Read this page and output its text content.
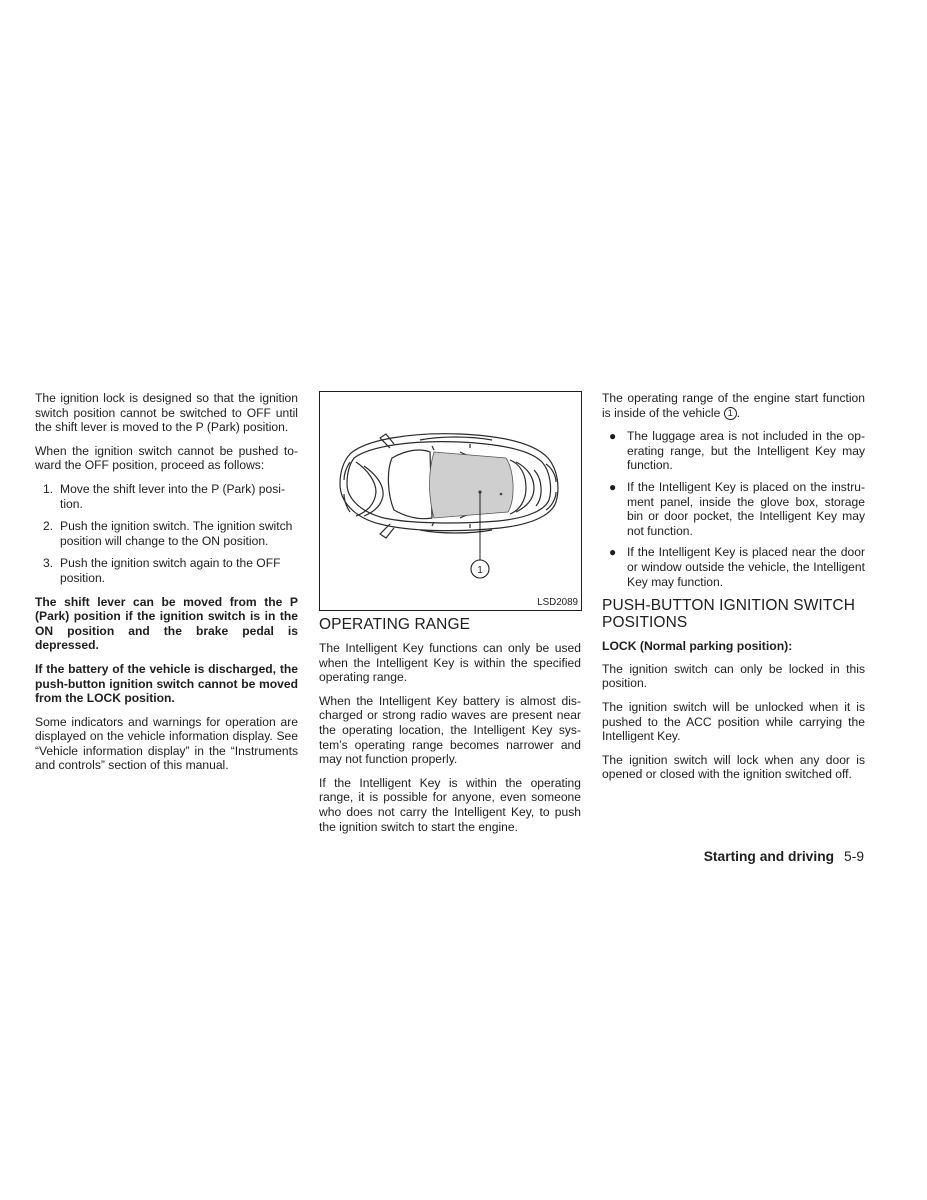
The ignition lock is designed so that the ignition switch position cannot be switched to OFF until the shift lever is moved to the P (Park) position.

When the ignition switch cannot be pushed toward the OFF position, proceed as follows:

1. Move the shift lever into the P (Park) position.
2. Push the ignition switch. The ignition switch position will change to the ON position.
3. Push the ignition switch again to the OFF position.

The shift lever can be moved from the P (Park) position if the ignition switch is in the ON position and the brake pedal is depressed.

If the battery of the vehicle is discharged, the push-button ignition switch cannot be moved from the LOCK position.

Some indicators and warnings for operation are displayed on the vehicle information display. See “Vehicle information display” in the “Instruments and controls” section of this manual.

1
LSD2089
OPERATING RANGE

The Intelligent Key functions can only be used when the Intelligent Key is within the specified operating range.

When the Intelligent Key battery is almost discharged or strong radio waves are present near the operating location, the Intelligent Key system’s operating range becomes narrower and may not function properly.

If the Intelligent Key is within the operating range, it is possible for anyone, even someone who does not carry the Intelligent Key, to push the ignition switch to start the engine.

The operating range of the engine start function is inside of the vehicle 1 .

● The luggage area is not included in the operating range, but the Intelligent Key may function.
● If the Intelligent Key is placed on the instrument panel, inside the glove box, storage bin or door pocket, the Intelligent Key may not function.
● If the Intelligent Key is placed near the door or window outside the vehicle, the Intelligent Key may function.
PUSH-BUTTON IGNITION SWITCH POSITIONS
LOCK (Normal parking position):

The ignition switch can only be locked in this position.

The ignition switch will be unlocked when it is pushed to the ACC position while carrying the Intelligent Key.

The ignition switch will lock when any door is opened or closed with the ignition switched off.

Starting and driving 5-9
